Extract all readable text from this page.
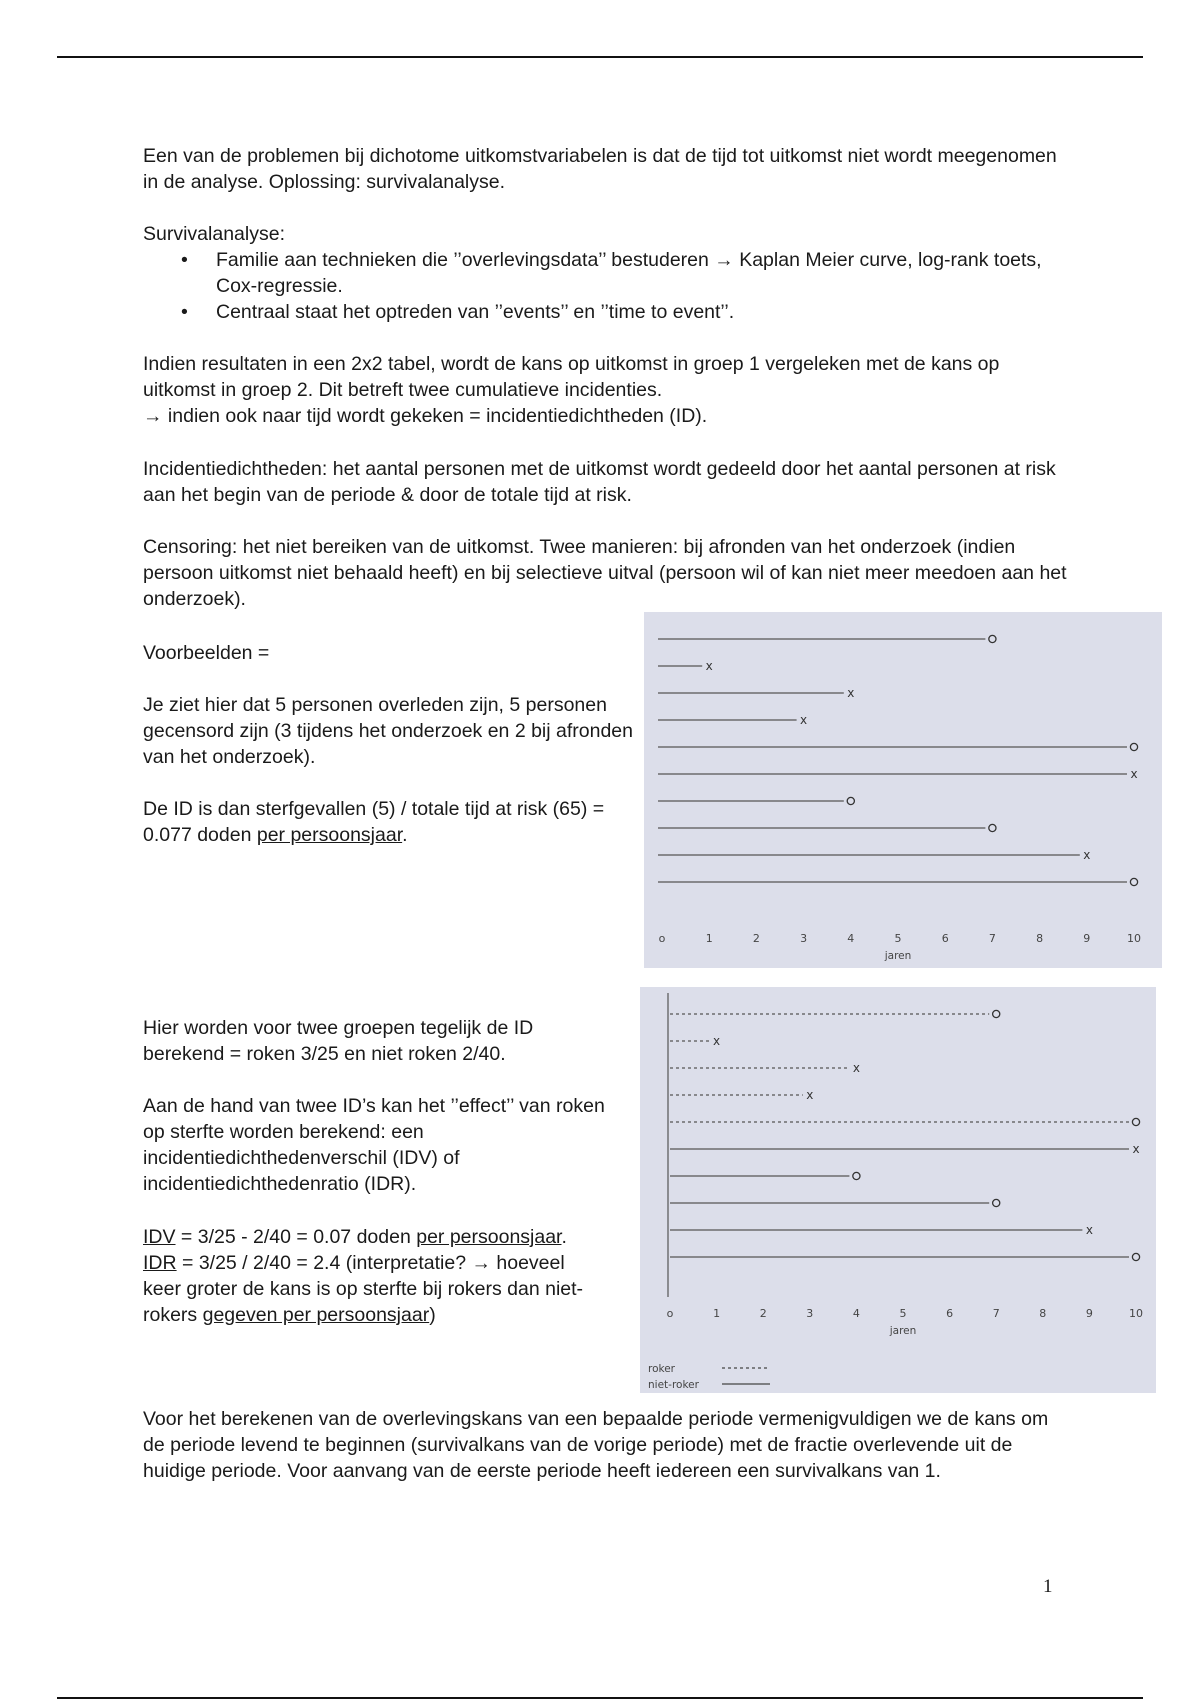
Een van de problemen bij dichotome uitkomstvariabelen is dat de tijd tot uitkomst niet wordt meegenomen in de analyse. Oplossing: survivalanalyse.

Survivalanalyse:

• Familie aan technieken die ’’overlevingsdata’’ bestuderen → Kaplan Meier curve, log-rank toets, Cox-regressie.
• Centraal staat het optreden van ’’events’’ en ’’time to event’’.

Indien resultaten in een 2x2 tabel, wordt de kans op uitkomst in groep 1 vergeleken met de kans op uitkomst in groep 2. Dit betreft twee cumulatieve incidenties.

→ indien ook naar tijd wordt gekeken = incidentiedichtheden (ID).

Incidentiedichtheden: het aantal personen met de uitkomst wordt gedeeld door het aantal personen at risk aan het begin van de periode & door de totale tijd at risk.

Censoring: het niet bereiken van de uitkomst. Twee manieren: bij afronden van het onderzoek (indien persoon uitkomst niet behaald heeft) en bij selectieve uitval (persoon wil of kan niet meer meedoen aan het onderzoek).

Voorbeelden =

Je ziet hier dat 5 personen overleden zijn, 5 personen gecensord zijn (3 tijdens het onderzoek en 2 bij afronden van het onderzoek).

De ID is dan sterfgevallen (5) / totale tijd at risk (65) = 0.077 doden per persoonsjaar.

x
x
x
x
x
o	1	2	3	4	5	6	7	8	9	10
jaren

Hier worden voor twee groepen tegelijk de ID berekend = roken 3/25 en niet roken 2/40.

Aan de hand van twee ID’s kan het ’’effect’’ van roken op sterfte worden berekend: een incidentiedichthedenverschil (IDV) of incidentiedichthedenratio (IDR).

IDV = 3/25 - 2/40 = 0.07 doden per persoonsjaar.

IDR = 3/25 / 2/40 = 2.4 (interpretatie? → hoeveel keer groter de kans is op sterfte bij rokers dan niet-rokers gegeven per persoonsjaar)

x
x
x
x
x
o	1	2	3	4	5	6	7	8	9	10
jaren
roker
niet-roker

Voor het berekenen van de overlevingskans van een bepaalde periode vermenigvuldigen we de kans om de periode levend te beginnen (survivalkans van de vorige periode) met de fractie overlevende uit de huidige periode. Voor aanvang van de eerste periode heeft iedereen een survivalkans van 1.

1
